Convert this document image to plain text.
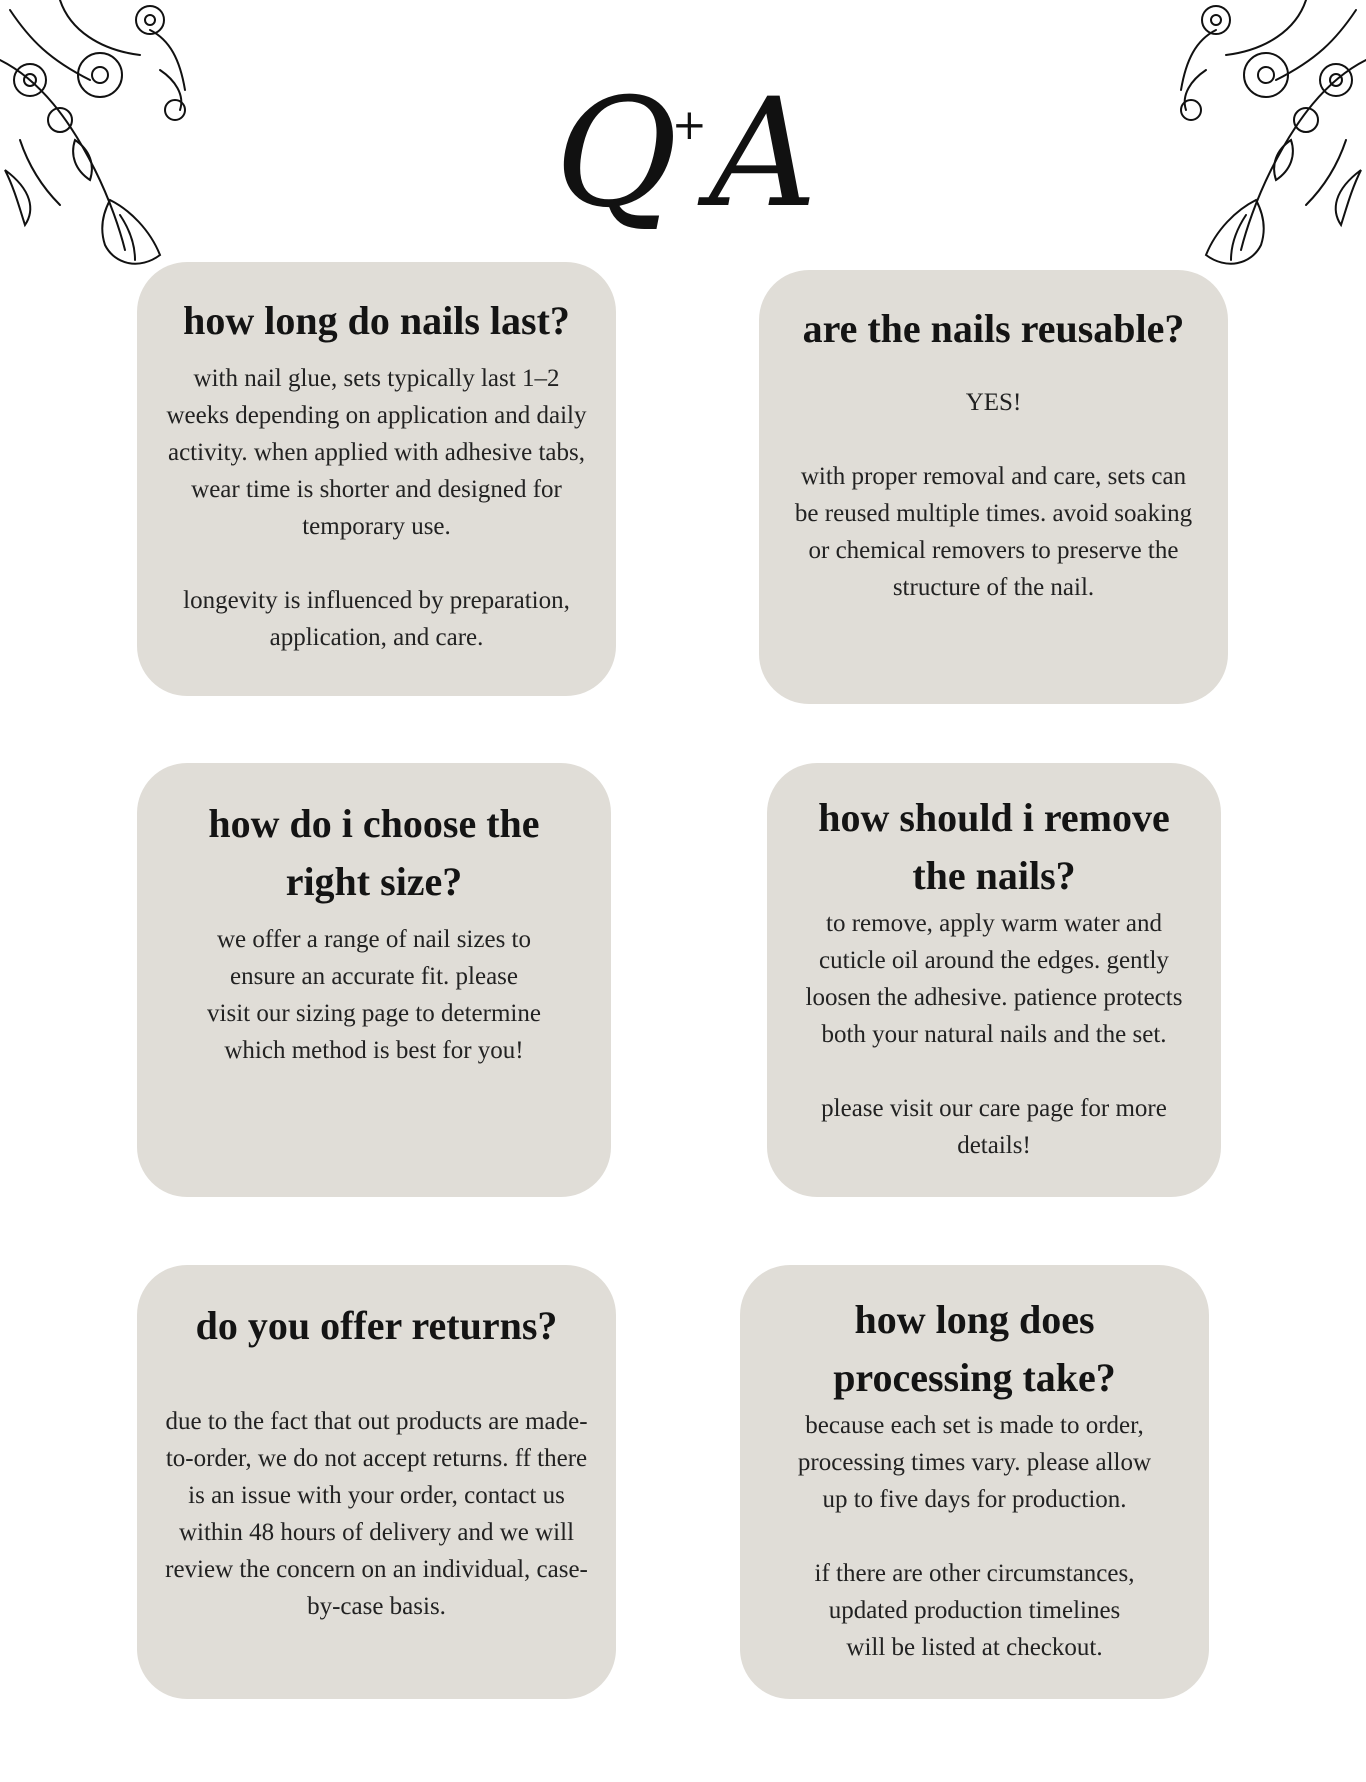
Q+A
how long do nails last?

with nail glue, sets typically last 1–2 weeks depending on application and daily activity. when applied with adhesive tabs, wear time is shorter and designed for temporary use.

longevity is influenced by preparation, application, and care.

are the nails reusable?

YES!

with proper removal and care, sets can be reused multiple times. avoid soaking or chemical removers to preserve the structure of the nail.

how do i choose the right size?

we offer a range of nail sizes to ensure an accurate fit. please visit our sizing page to determine which method is best for you!

how should i remove the nails?

to remove, apply warm water and cuticle oil around the edges. gently loosen the adhesive. patience protects both your natural nails and the set.

please visit our care page for more details!

do you offer returns?

due to the fact that out products are made-to-order, we do not accept returns. ff there is an issue with your order, contact us within 48 hours of delivery and we will review the concern on an individual, case-by-case basis.

how long does processing take?

because each set is made to order, processing times vary. please allow up to five days for production.

if there are other circumstances, updated production timelines will be listed at checkout.
